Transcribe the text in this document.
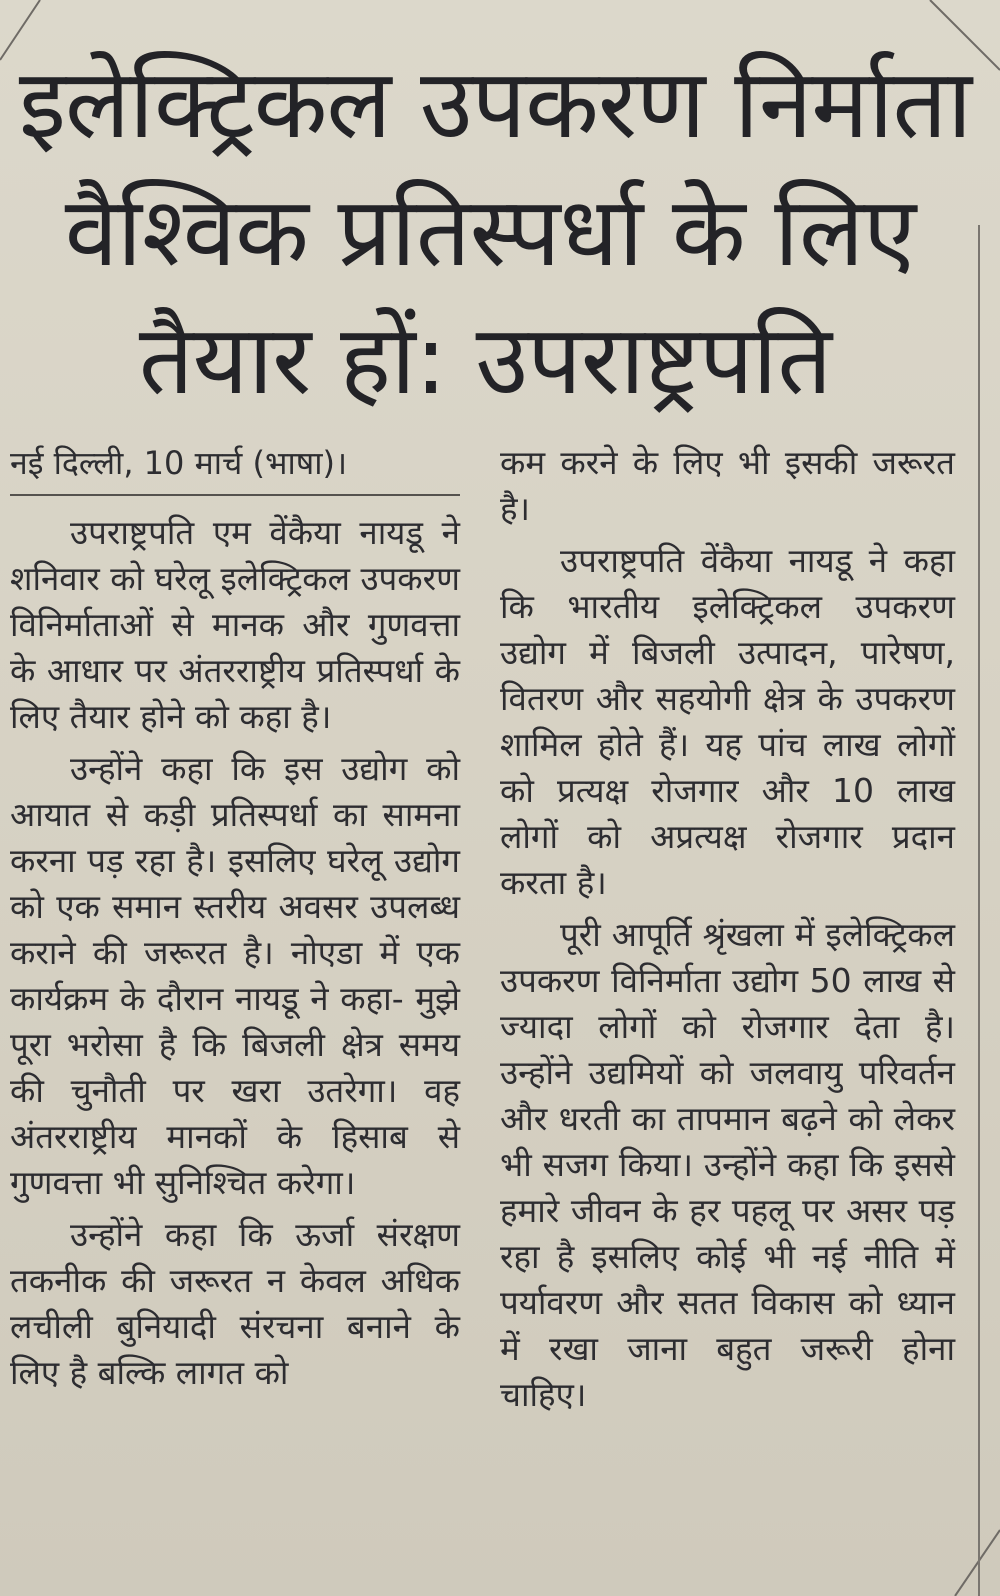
इलेक्ट्रिकल उपकरण निर्माता
वैश्विक प्रतिस्पर्धा के लिए
तैयार हों: उपराष्ट्रपति
नई दिल्ली, 10 मार्च (भाषा)।

उपराष्ट्रपति एम वेंकैया नायडू ने शनिवार को घरेलू इलेक्ट्रिकल उपकरण विनिर्माताओं से मानक और गुणवत्ता के आधार पर अंतरराष्ट्रीय प्रतिस्पर्धा के लिए तैयार होने को कहा है।

उन्होंने कहा कि इस उद्योग को आयात से कड़ी प्रतिस्पर्धा का सामना करना पड़ रहा है। इसलिए घरेलू उद्योग को एक समान स्तरीय अवसर उपलब्ध कराने की जरूरत है। नोएडा में एक कार्यक्रम के दौरान नायडू ने कहा- मुझे पूरा भरोसा है कि बिजली क्षेत्र समय की चुनौती पर खरा उतरेगा। वह अंतरराष्ट्रीय मानकों के हिसाब से गुणवत्ता भी सुनिश्चित करेगा।

उन्होंने कहा कि ऊर्जा संरक्षण तकनीक की जरूरत न केवल अधिक लचीली बुनियादी संरचना बनाने के लिए है बल्कि लागत को

कम करने के लिए भी इसकी जरूरत है।

उपराष्ट्रपति वेंकैया नायडू ने कहा कि भारतीय इलेक्ट्रिकल उपकरण उद्योग में बिजली उत्पादन, पारेषण, वितरण और सहयोगी क्षेत्र के उपकरण शामिल होते हैं। यह पांच लाख लोगों को प्रत्यक्ष रोजगार और 10 लाख लोगों को अप्रत्यक्ष रोजगार प्रदान करता है।

पूरी आपूर्ति श्रृंखला में इलेक्ट्रिकल उपकरण विनिर्माता उद्योग 50 लाख से ज्यादा लोगों को रोजगार देता है। उन्होंने उद्यमियों को जलवायु परिवर्तन और धरती का तापमान बढ़ने को लेकर भी सजग किया। उन्होंने कहा कि इससे हमारे जीवन के हर पहलू पर असर पड़ रहा है इसलिए कोई भी नई नीति में पर्यावरण और सतत विकास को ध्यान में रखा जाना बहुत जरूरी होना चाहिए।
